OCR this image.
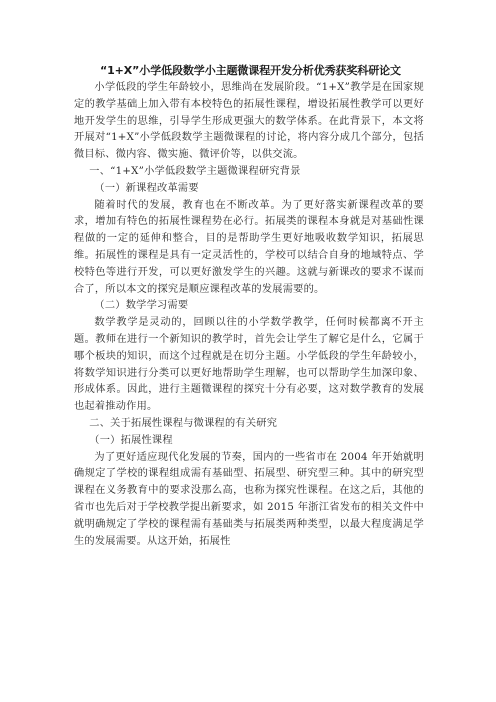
“1+X”小学低段数学小主题微课程开发分析优秀获奖科研论文

小学低段的学生年龄较小，思维尚在发展阶段。“1+X”教学是在国家规定的教学基础上加入带有本校特色的拓展性课程，增设拓展性教学可以更好地开发学生的思维，引导学生形成更强大的数学体系。在此背景下，本文将开展对“1+X”小学低段数学主题微课程的讨论，将内容分成几个部分，包括微目标、微内容、微实施、微评价等，以供交流。

一、“1+X”小学低段数学主题微课程研究背景

（一）新课程改革需要

随着时代的发展，教育也在不断改革。为了更好落实新课程改革的要求，增加有特色的拓展性课程势在必行。拓展类的课程本身就是对基础性课程做的一定的延伸和整合，目的是帮助学生更好地吸收数学知识，拓展思维。拓展性的课程是具有一定灵活性的，学校可以结合自身的地域特点、学校特色等进行开发，可以更好激发学生的兴趣。这就与新课改的要求不谋而合了，所以本文的探究是顺应课程改革的发展需要的。

（二）数学学习需要

数学教学是灵动的，回顾以往的小学数学教学，任何时候都离不开主题。教师在进行一个新知识的教学时，首先会让学生了解它是什么，它属于哪个板块的知识，而这个过程就是在切分主题。小学低段的学生年龄较小，将数学知识进行分类可以更好地帮助学生理解，也可以帮助学生加深印象、形成体系。因此，进行主题微课程的探究十分有必要，这对数学教育的发展也起着推动作用。

二、关于拓展性课程与微课程的有关研究

（一）拓展性课程

为了更好适应现代化发展的节奏，国内的一些省市在 2004 年开始就明确规定了学校的课程组成需有基础型、拓展型、研究型三种。其中的研究型课程在义务教育中的要求没那么高，也称为探究性课程。在这之后，其他的省市也先后对于学校教学提出新要求，如 2015 年浙江省发布的相关文件中就明确规定了学校的课程需有基础类与拓展类两种类型，以最大程度满足学生的发展需要。从这开始，拓展性
